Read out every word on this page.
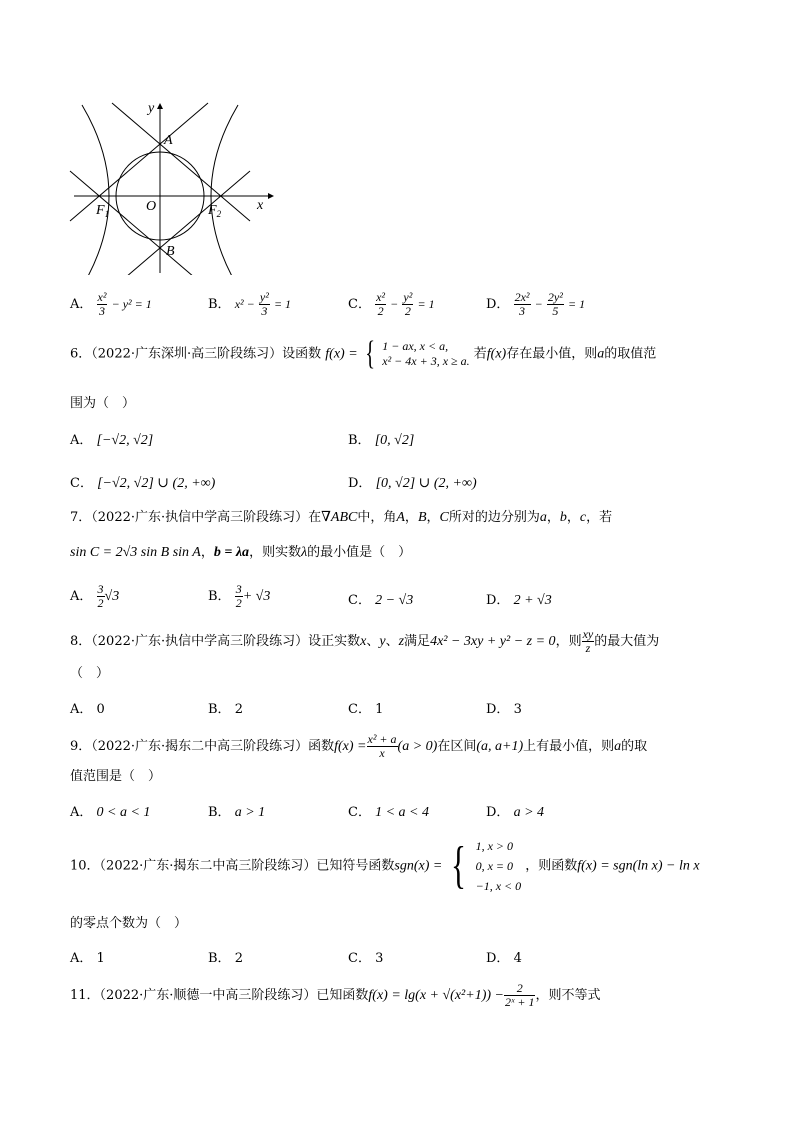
y
x
A
B
O
$F_1$	$F_2$
A． $\frac{\text{x²}}{3} - y^2 = 1$	B． $x^2 - \frac{\text{y²}}{3} = 1$	C． $\frac{\text{x²}}{2} - \frac{\text{y²}}{2} = 1$	D． $\frac{\text{2x²}}{3} - \frac{\text{2y²}}{5} = 1$
6．（2022·广东深圳·高三阶段练习）设函数 f(x) = { 1 − ax, x < a,
x² − 4x + 3, x ≥ a. 若f(x)存在最小值，则a的取值范
围为（　）
A． [−√2, √2]	B． [0, √2]
C． [−√2, √2] ∪ (2, +∞)	D． [0, √2] ∪ (2, +∞)
7．（2022·广东·执信中学高三阶段练习）在∇ABC中，角A，B，C所对的边分别为a，b，c，若
sin C = 2√3 sin B sin A，b = λa，则实数λ的最小值是（　）
A． $\frac{3}{2} √3$	B． $\frac{3}{2} + √3$	C． 2 − √3	D． 2 + √3
8．（2022·广东·执信中学高三阶段练习）设正实数x、y、z满足4x² − 3xy + y² − z = 0，则 $\frac{xy}{z}$ 的最大值为
（　）
A． 0	B． 2	C． 1	D． 3
9．（2022·广东·揭东二中高三阶段练习）函数$f(x) = \frac{\text{x² + a}}{x} (a > 0)$在区间(a, a+1)上有最小值，则a的取
值范围是（　）
A． 0 < a < 1	B． a > 1	C． 1 < a < 4	D． a > 4
10．（2022·广东·揭东二中高三阶段练习）已知符号函数sgn(x) = { 1, x > 0
0, x = 0
−1, x < 0
，则函数f(x) = sgn(ln x) − ln x
的零点个数为（　）
A． 1	B． 2	C． 3	D． 4
11．（2022·广东·顺德一中高三阶段练习）已知函数$f(x) = \lg(x + √(x^2+1)) - \frac{2}{\text{2ˣ + 1}}$ ，则不等式
